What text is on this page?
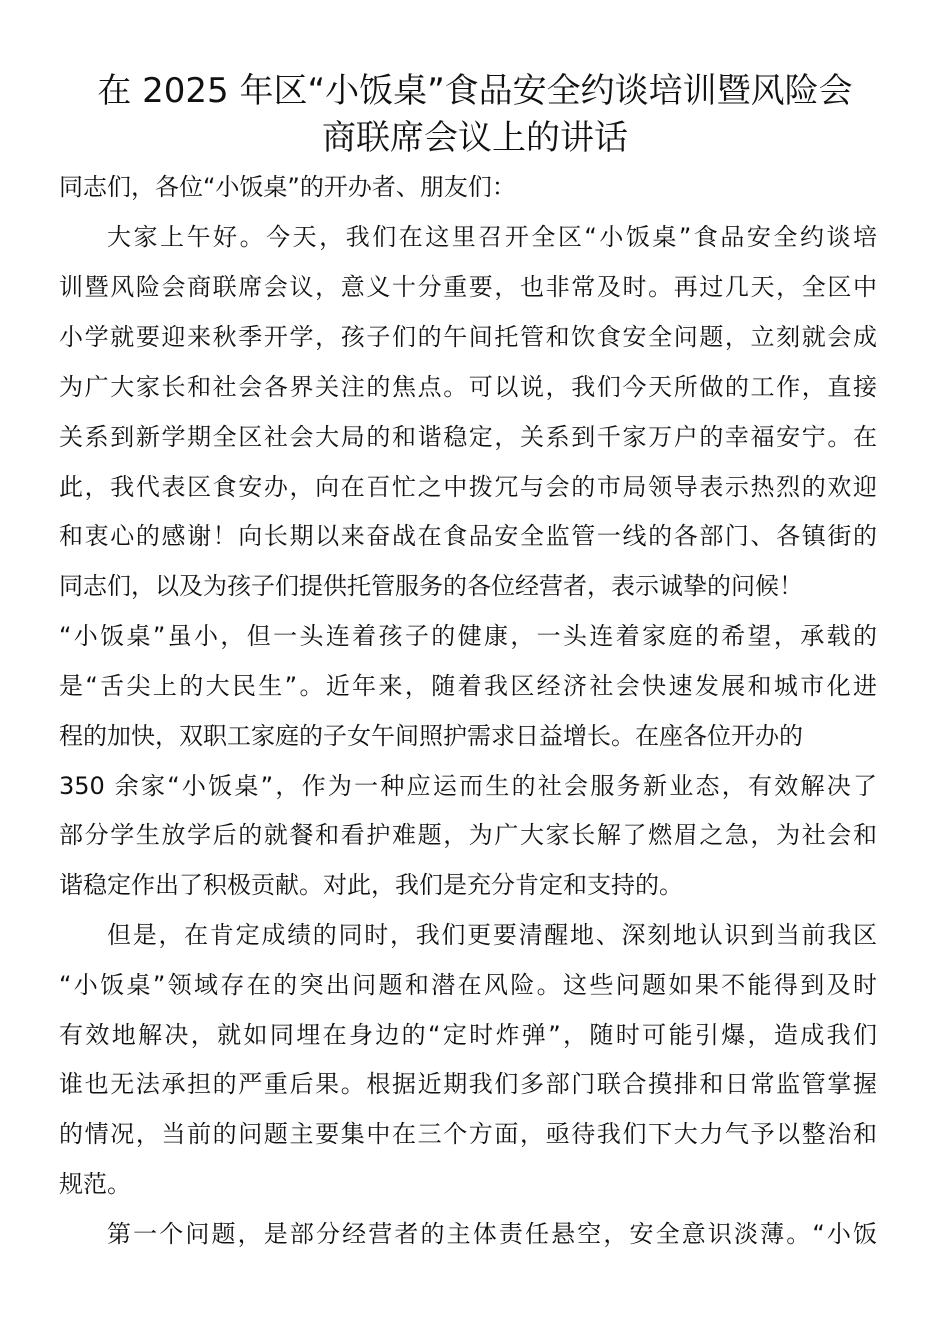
在 2025 年区“小饭桌”食品安全约谈培训暨风险会
商联席会议上的讲话
同志们，各位“小饭桌”的开办者、朋友们：
大家上午好。今天，我们在这里召开全区“小饭桌”食品安全约谈培
训暨风险会商联席会议，意义十分重要，也非常及时。再过几天，全区中
小学就要迎来秋季开学，孩子们的午间托管和饮食安全问题，立刻就会成
为广大家长和社会各界关注的焦点。可以说，我们今天所做的工作，直接
关系到新学期全区社会大局的和谐稳定，关系到千家万户的幸福安宁。在
此，我代表区食安办，向在百忙之中拨冗与会的市局领导表示热烈的欢迎
和衷心的感谢！向长期以来奋战在食品安全监管一线的各部门、各镇街的
同志们，以及为孩子们提供托管服务的各位经营者，表示诚挚的问候！
“小饭桌”虽小，但一头连着孩子的健康，一头连着家庭的希望，承载的
是“舌尖上的大民生”。近年来，随着我区经济社会快速发展和城市化进
程的加快，双职工家庭的子女午间照护需求日益增长。在座各位开办的
350 余家“小饭桌”，作为一种应运而生的社会服务新业态，有效解决了
部分学生放学后的就餐和看护难题，为广大家长解了燃眉之急，为社会和
谐稳定作出了积极贡献。对此，我们是充分肯定和支持的。
但是，在肯定成绩的同时，我们更要清醒地、深刻地认识到当前我区
“小饭桌”领域存在的突出问题和潜在风险。这些问题如果不能得到及时
有效地解决，就如同埋在身边的“定时炸弹”，随时可能引爆，造成我们
谁也无法承担的严重后果。根据近期我们多部门联合摸排和日常监管掌握
的情况，当前的问题主要集中在三个方面，亟待我们下大力气予以整治和
规范。
第一个问题，是部分经营者的主体责任悬空，安全意识淡薄。“小饭
